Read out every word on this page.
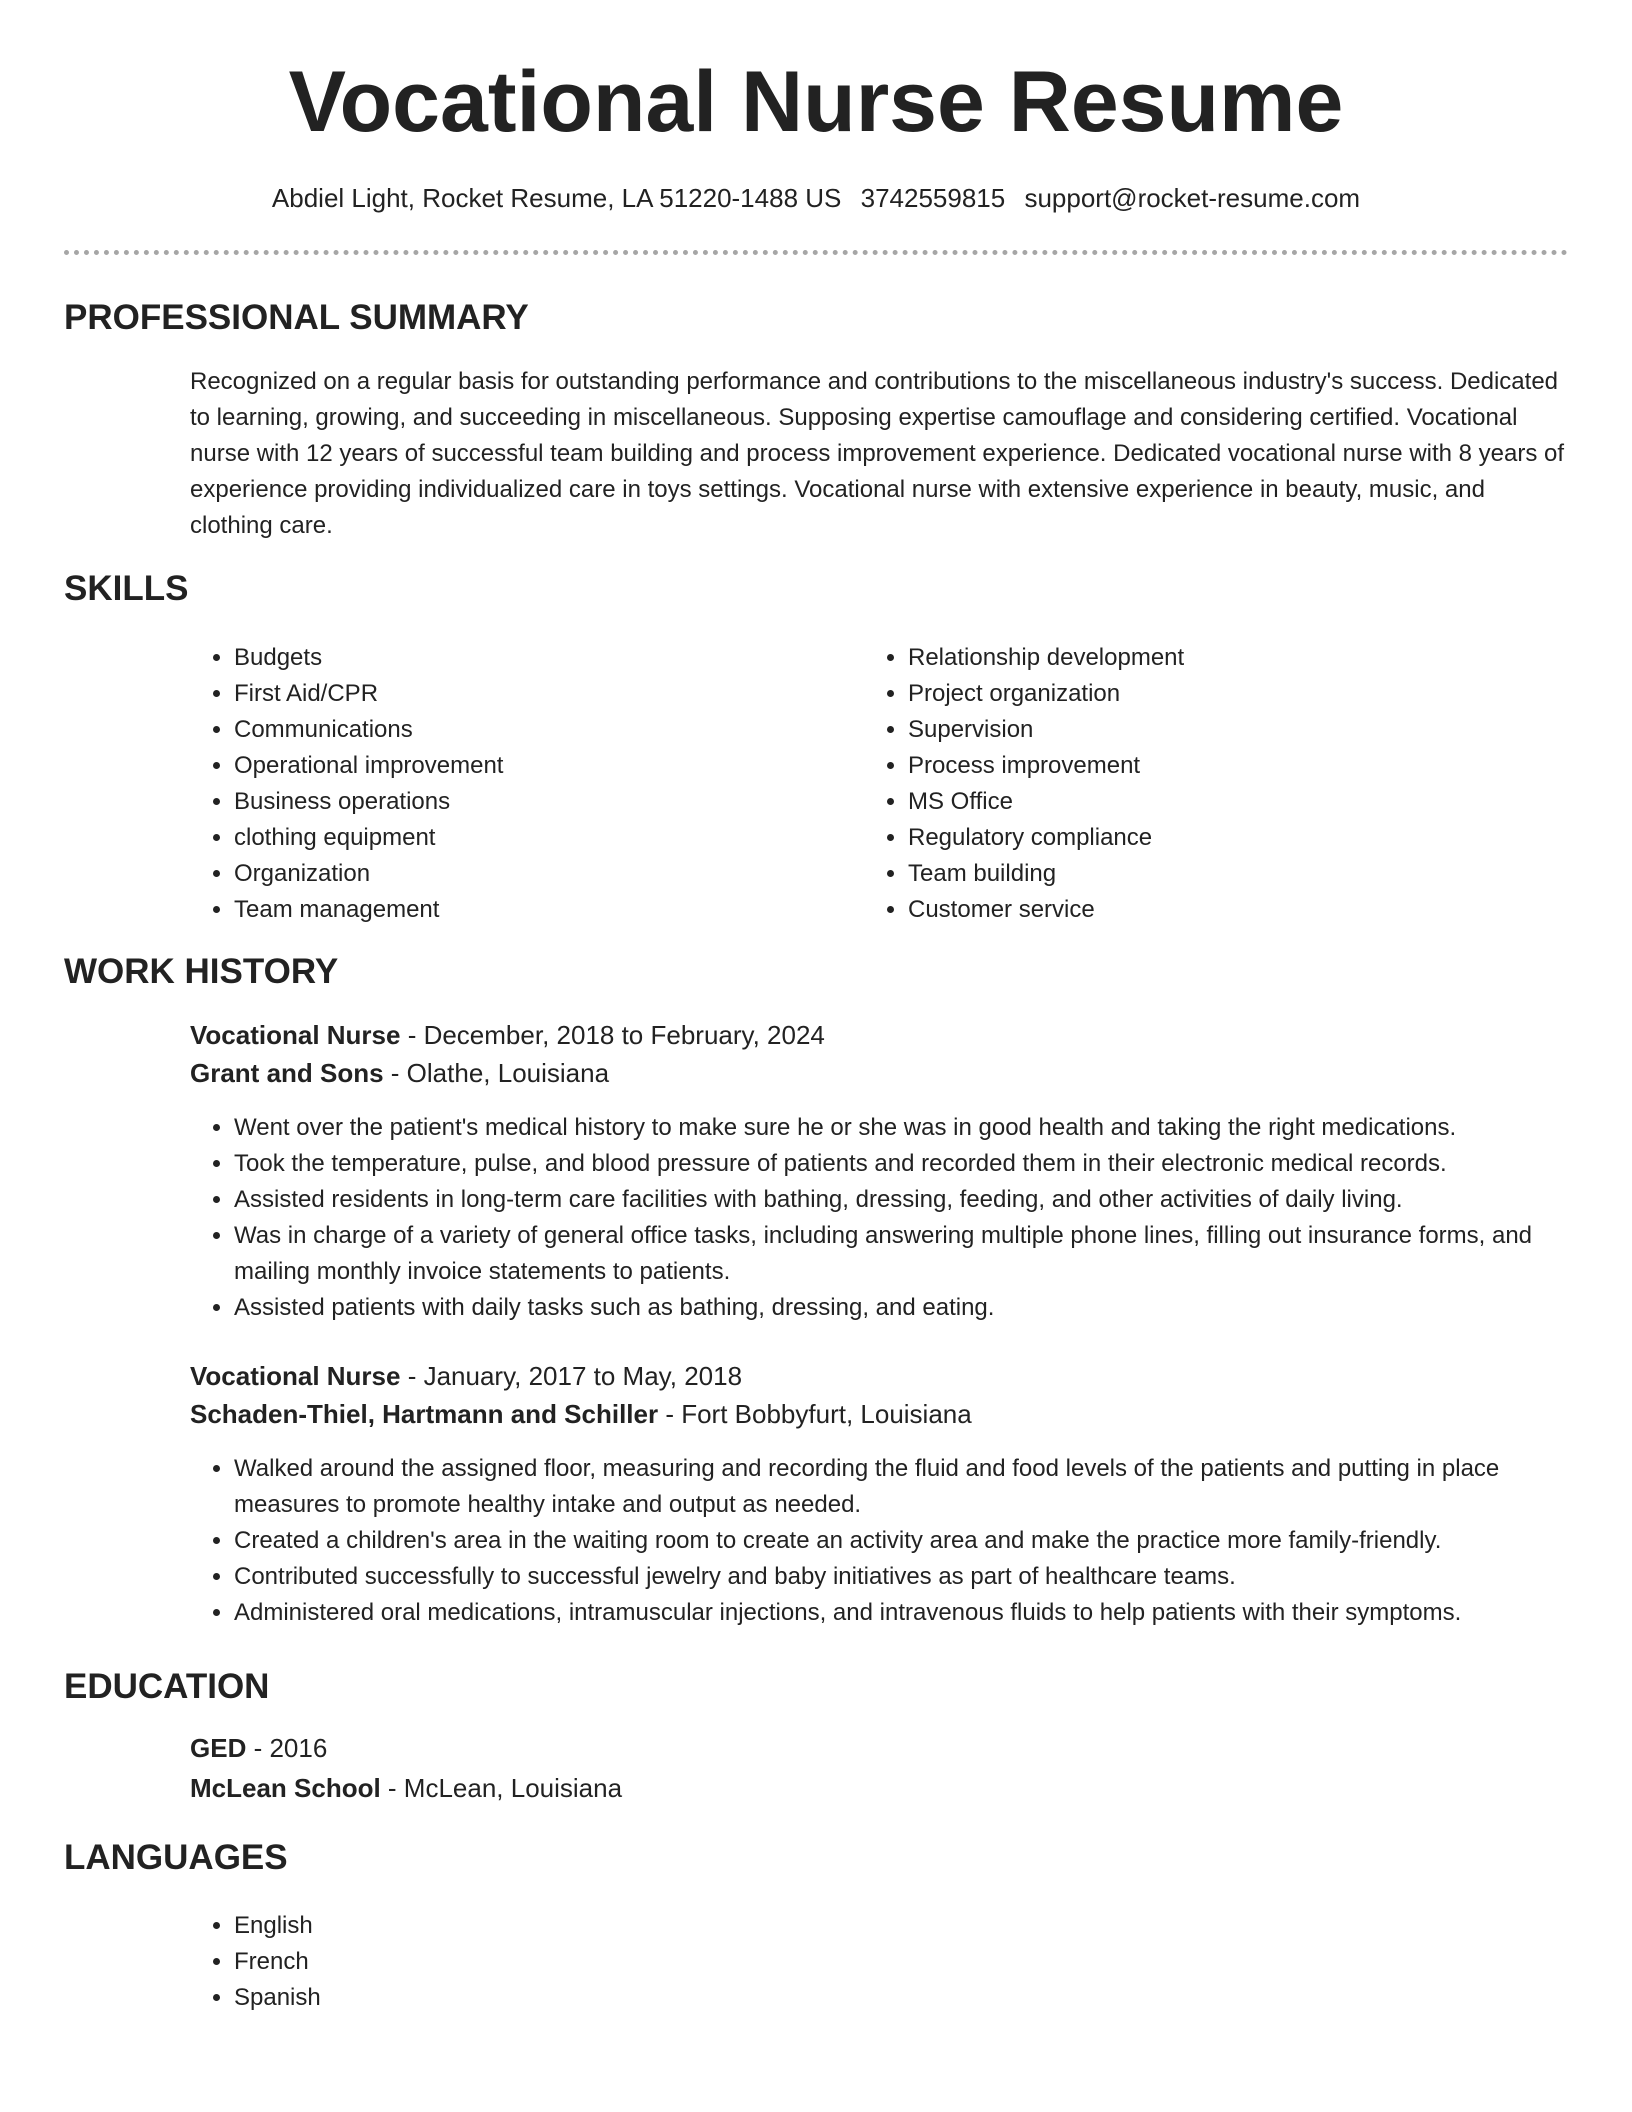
Vocational Nurse Resume
Abdiel Light, Rocket Resume, LA 51220-1488 US 3742559815 support@rocket-resume.com
PROFESSIONAL SUMMARY

Recognized on a regular basis for outstanding performance and contributions to the miscellaneous industry's success. Dedicated to learning, growing, and succeeding in miscellaneous. Supposing expertise camouflage and considering certified. Vocational nurse with 12 years of successful team building and process improvement experience. Dedicated vocational nurse with 8 years of experience providing individualized care in toys settings. Vocational nurse with extensive experience in beauty, music, and clothing care.

SKILLS
• Budgets
• First Aid/CPR
• Communications
• Operational improvement
• Business operations
• clothing equipment
• Organization
• Team management
• Relationship development
• Project organization
• Supervision
• Process improvement
• MS Office
• Regulatory compliance
• Team building
• Customer service
WORK HISTORY
Vocational Nurse - December, 2018 to February, 2024
Grant and Sons - Olathe, Louisiana
• Went over the patient's medical history to make sure he or she was in good health and taking the right medications.
• Took the temperature, pulse, and blood pressure of patients and recorded them in their electronic medical records.
• Assisted residents in long-term care facilities with bathing, dressing, feeding, and other activities of daily living.
• Was in charge of a variety of general office tasks, including answering multiple phone lines, filling out insurance forms, and mailing monthly invoice statements to patients.
• Assisted patients with daily tasks such as bathing, dressing, and eating.
Vocational Nurse - January, 2017 to May, 2018
Schaden-Thiel, Hartmann and Schiller - Fort Bobbyfurt, Louisiana
• Walked around the assigned floor, measuring and recording the fluid and food levels of the patients and putting in place measures to promote healthy intake and output as needed.
• Created a children's area in the waiting room to create an activity area and make the practice more family-friendly.
• Contributed successfully to successful jewelry and baby initiatives as part of healthcare teams.
• Administered oral medications, intramuscular injections, and intravenous fluids to help patients with their symptoms.
EDUCATION
GED - 2016
McLean School - McLean, Louisiana
LANGUAGES
• English
• French
• Spanish
